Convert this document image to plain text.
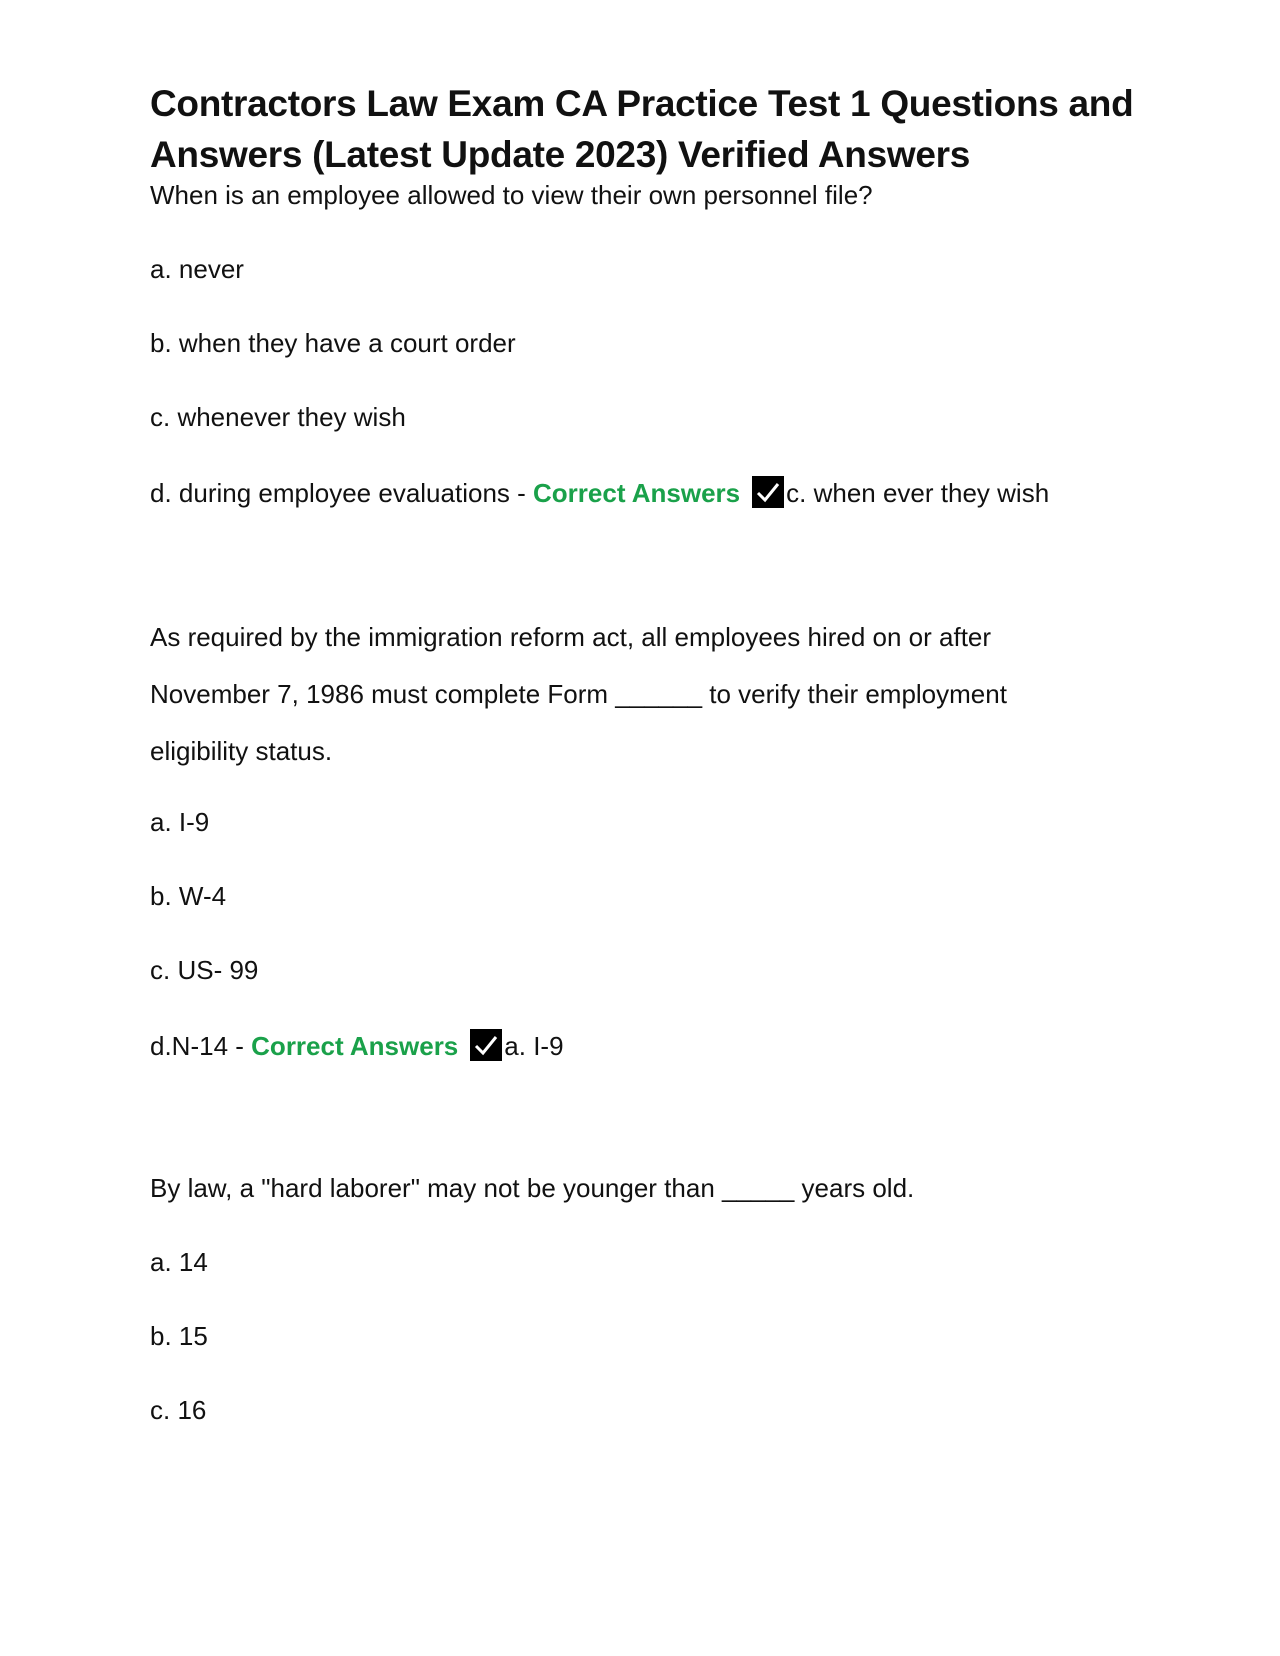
Contractors Law Exam CA Practice Test 1 Questions and
Answers (Latest Update 2023) Verified Answers

When is an employee allowed to view their own personnel file?

a. never

b. when they have a court order

c. whenever they wish

d. during employee evaluations - Correct Answers c. when ever they wish

As required by the immigration reform act, all employees hired on or after
November 7, 1986 must complete Form ______ to verify their employment
eligibility status.

a. I-9

b. W-4

c. US- 99

d.N-14 - Correct Answers a. I-9

By law, a "hard laborer" may not be younger than _____ years old.

a. 14

b. 15

c. 16
